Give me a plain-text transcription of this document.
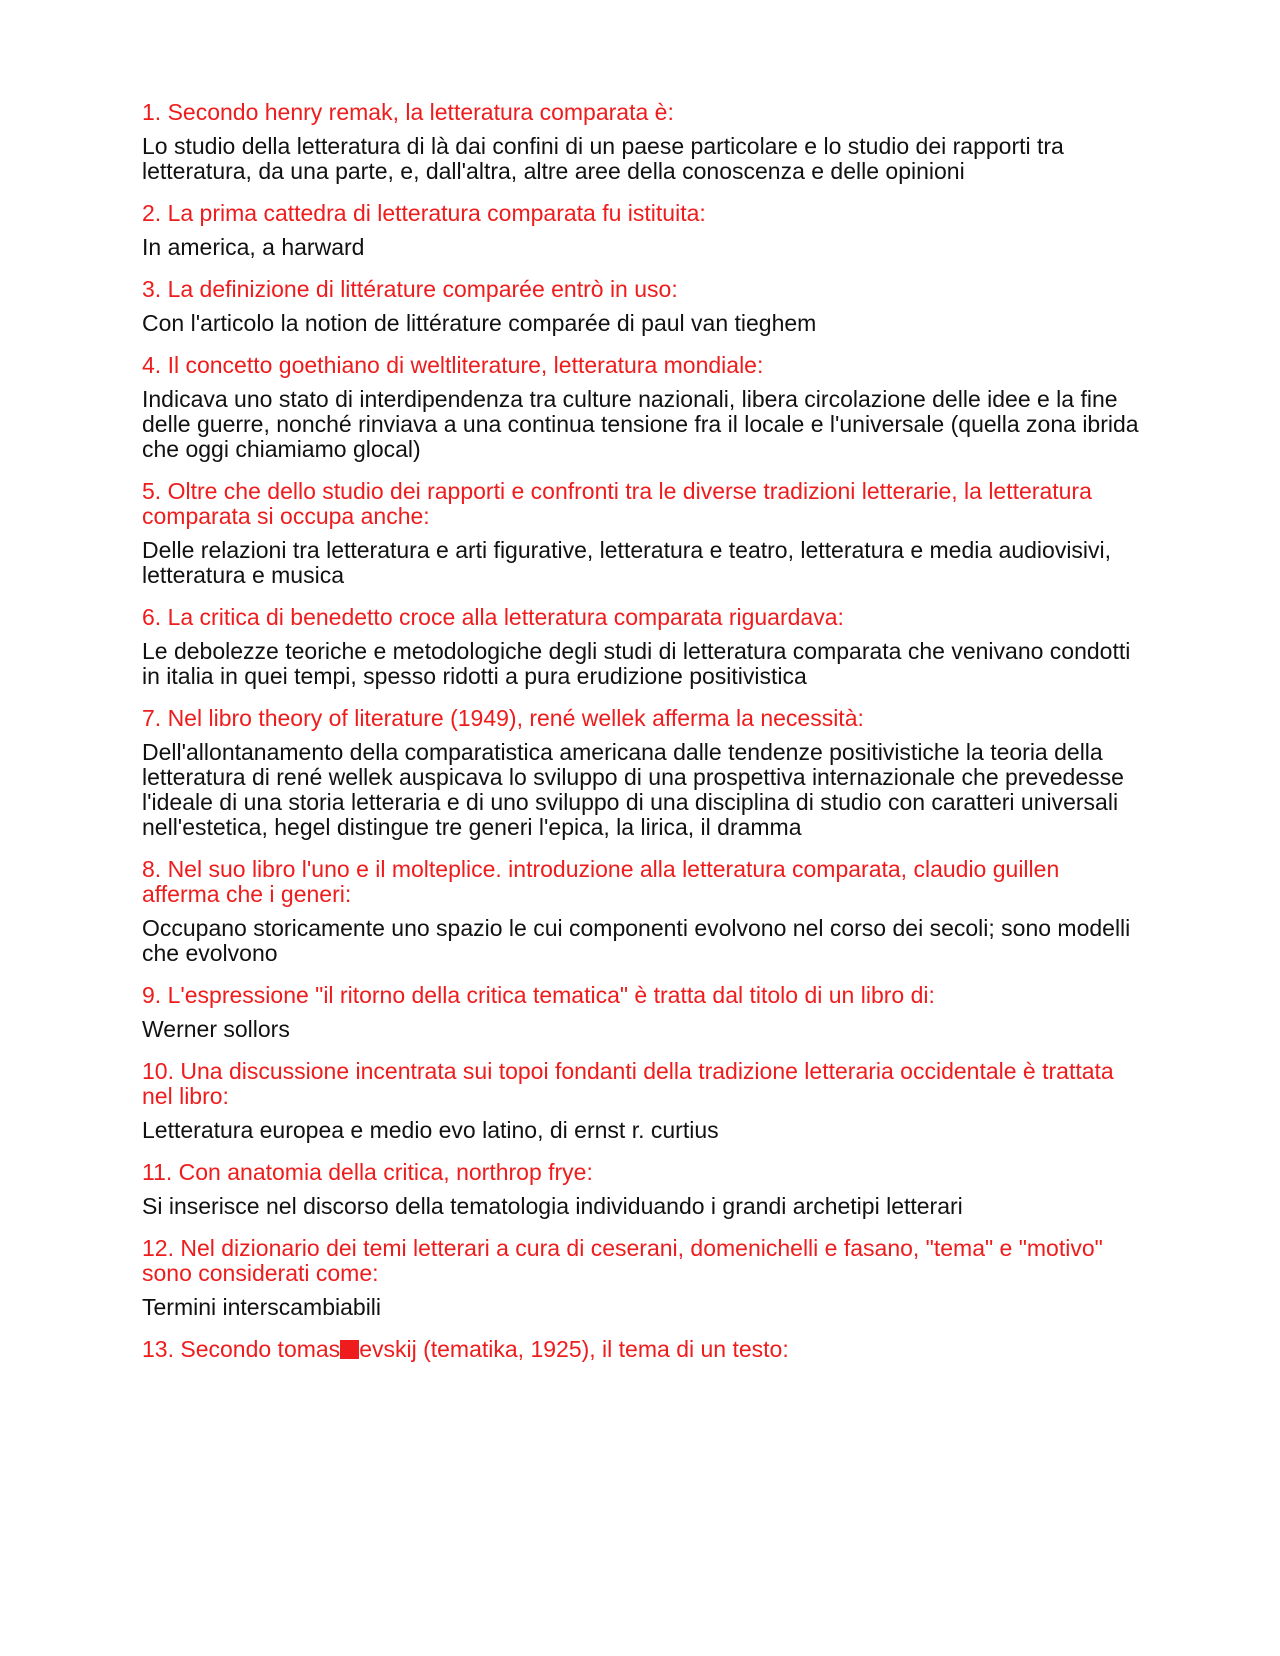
1. Secondo henry remak, la letteratura comparata è:

Lo studio della letteratura di là dai confini di un paese particolare e lo studio dei rapporti tra letteratura, da una parte, e, dall'altra, altre aree della conoscenza e delle opinioni

2. La prima cattedra di letteratura comparata fu istituita:

In america, a harward

3. La definizione di littérature comparée entrò in uso:

Con l'articolo la notion de littérature comparée di paul van tieghem

4. Il concetto goethiano di weltliterature, letteratura mondiale:

Indicava uno stato di interdipendenza tra culture nazionali, libera circolazione delle idee e la fine delle guerre, nonché rinviava a una continua tensione fra il locale e l'universale (quella zona ibrida che oggi chiamiamo glocal)

5. Oltre che dello studio dei rapporti e confronti tra le diverse tradizioni letterarie, la letteratura comparata si occupa anche:

Delle relazioni tra letteratura e arti figurative, letteratura e teatro, letteratura e media audiovisivi, letteratura e musica

6. La critica di benedetto croce alla letteratura comparata riguardava:

Le debolezze teoriche e metodologiche degli studi di letteratura comparata che venivano condotti in italia in quei tempi, spesso ridotti a pura erudizione positivistica

7. Nel libro theory of literature (1949), rené wellek afferma la necessità:

Dell'allontanamento della comparatistica americana dalle tendenze positivistiche la teoria della letteratura di rené wellek auspicava lo sviluppo di una prospettiva internazionale che prevedesse l'ideale di una storia letteraria e di uno sviluppo di una disciplina di studio con caratteri universali nell'estetica, hegel distingue tre generi l'epica, la lirica, il dramma

8. Nel suo libro l'uno e il molteplice. introduzione alla letteratura comparata, claudio guillen afferma che i generi:

Occupano storicamente uno spazio le cui componenti evolvono nel corso dei secoli; sono modelli che evolvono

9. L'espressione "il ritorno della critica tematica" è tratta dal titolo di un libro di:

Werner sollors

10. Una discussione incentrata sui topoi fondanti della tradizione letteraria occidentale è trattata nel libro:

Letteratura europea e medio evo latino, di ernst r. curtius

11. Con anatomia della critica, northrop frye:

Si inserisce nel discorso della tematologia individuando i grandi archetipi letterari

12. Nel dizionario dei temi letterari a cura di ceserani, domenichelli e fasano, "tema" e "motivo" sono considerati come:

Termini interscambiabili

13. Secondo tomas evskij (tematika, 1925), il tema di un testo:
